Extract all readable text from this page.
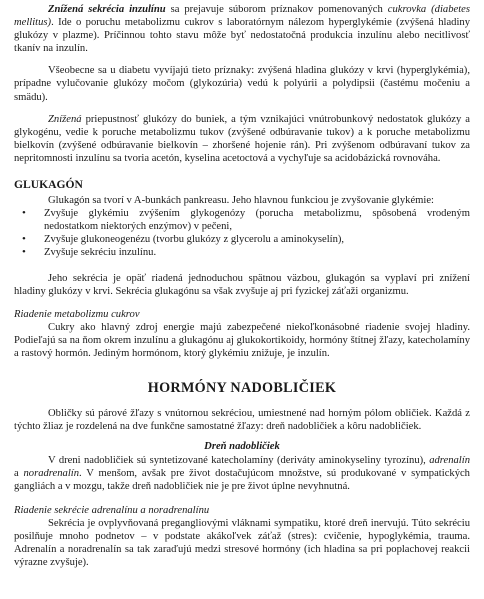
Znížená sekrécia inzulínu sa prejavuje súborom príznakov pomenovaných cukrovka (diabetes mellitus). Ide o poruchu metabolizmu cukrov s laboratórnym nálezom hyperglykémie (zvýšená hladiny glukózy v plazme). Príčinnou tohto stavu môže byť nedostatočná produkcia inzulínu alebo necitlivosť tkanív na inzulín.

Všeobecne sa u diabetu vyvíjajú tieto príznaky: zvýšená hladina glukózy v krvi (hyperglykémia), prípadne vylučovanie glukózy močom (glykozúria) vedú k polyúrii a polydipsii (častému močeniu a smädu).

Znížená priepustnosť glukózy do buniek, a tým vznikajúci vnútrobunkový nedostatok glukózy a glykogénu, vedie k poruche metabolizmu tukov (zvýšené odbúravanie tukov) a k poruche metabolizmu bielkovín (zvýšené odbúravanie bielkovín – zhoršené hojenie rán). Pri zvýšenom odbúravaní tukov za nepritomnosti inzulínu sa tvoria acetón, kyselina acetoctová a vychyľuje sa acidobázická rovnováha.

GLUKAGÓN

Glukagón sa tvorí v A-bunkách pankreasu. Jeho hlavnou funkciou je zvyšovanie glykémie:

• Zvyšuje glykémiu zvýšením glykogenózy (porucha metabolizmu, spôsobená vrodeným nedostatkom niektorých enzýmov) v pečeni,
• Zvyšuje glukoneogenézu (tvorbu glukózy z glycerolu a aminokyselín),
• Zvyšuje sekréciu inzulínu.

Jeho sekrécia je opäť riadená jednoduchou spätnou väzbou, glukagón sa vyplaví pri znížení hladiny glukózy v krvi. Sekrécia glukagónu sa však zvyšuje aj pri fyzickej záťaži organizmu.

Riadenie metabolizmu cukrov

Cukry ako hlavný zdroj energie majú zabezpečené niekoľkonásobné riadenie svojej hladiny. Podieľajú sa na ňom okrem inzulínu a glukagónu aj glukokortikoidy, hormóny štítnej žľazy, katecholamíny a rastový hormón. Jediným hormónom, ktorý glykémiu znižuje, je inzulín.

HORMÓNY NADOBLIČIEK

Obličky sú párové žľazy s vnútornou sekréciou, umiestnené nad horným pólom obličiek. Každá z týchto žliaz je rozdelená na dve funkčne samostatné žľazy: dreň nadobličiek a kôru nadobličiek.

Dreň nadobličiek

V dreni nadobličiek sú syntetizované katecholamíny (deriváty aminokyseliny tyrozínu), adrenalín a noradrenalín. V menšom, avšak pre život dostačujúcom množstve, sú produkované v sympatických gangliách a v mozgu, takže dreň nadobličiek nie je pre život úplne nevyhnutná.

Riadenie sekrécie adrenalínu a noradrenalínu

Sekrécia je ovplyvňovaná pregangliovými vláknami sympatiku, ktoré dreň inervujú. Túto sekréciu posilňuje mnoho podnetov – v podstate akákoľvek záťaž (stres): cvičenie, hypoglykémia, trauma. Adrenalín a noradrenalín sa tak zaraďujú medzi stresové hormóny (ich hladina sa pri poplachovej reakcii výrazne zvyšuje).
